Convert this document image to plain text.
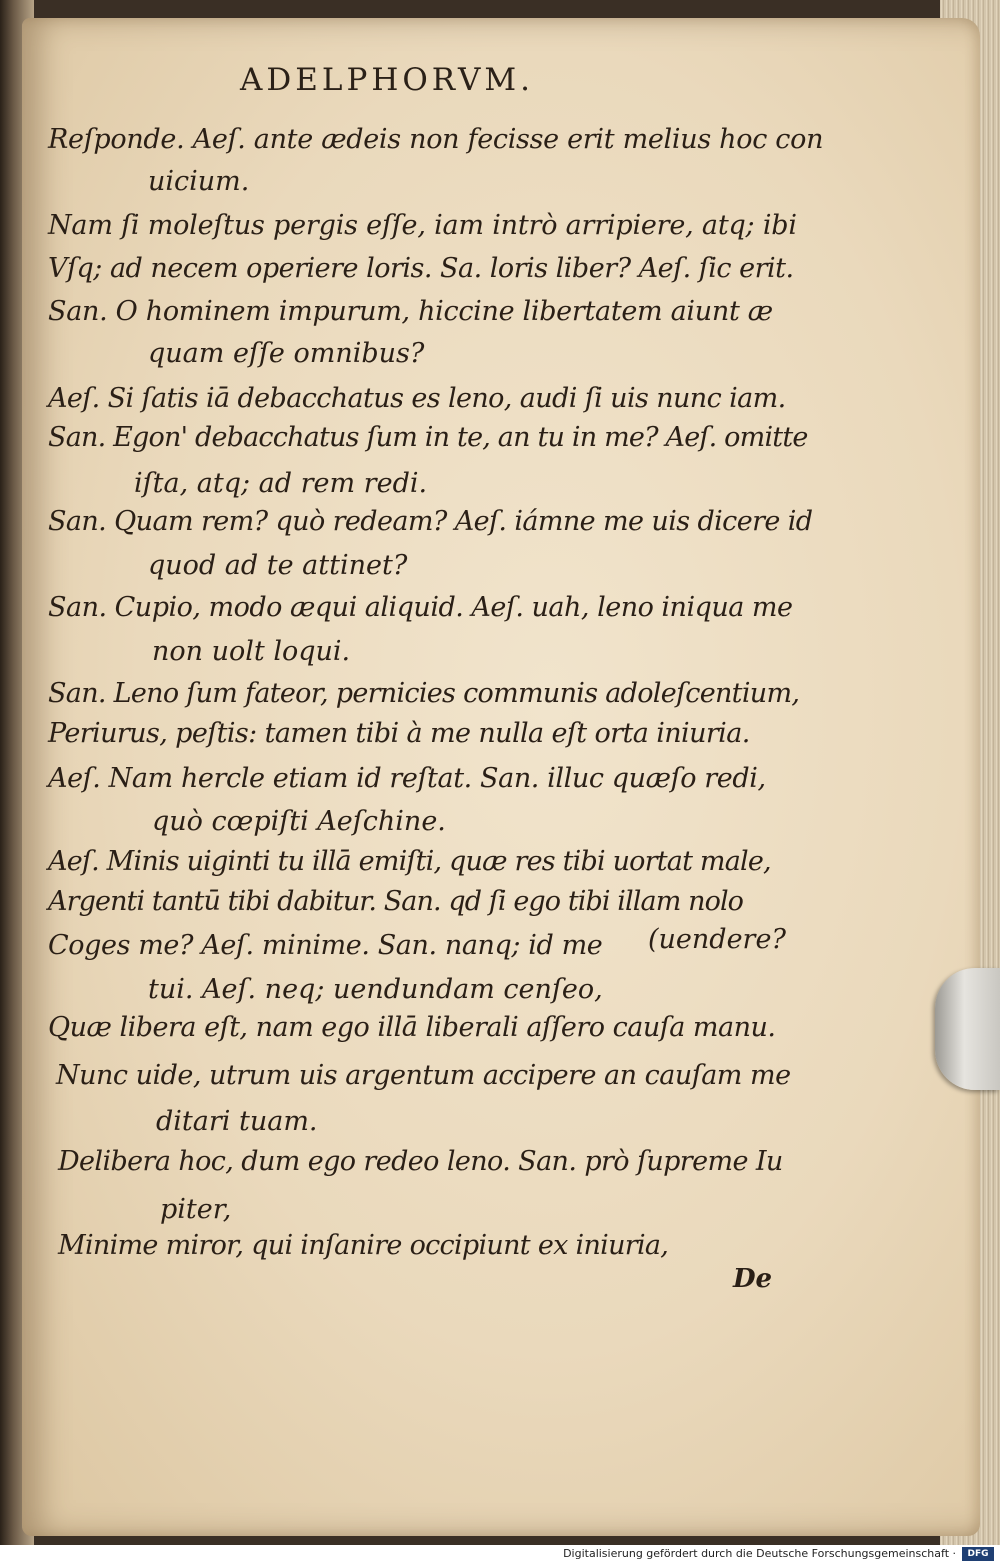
ADELPHORVM.
Reſponde. Aeſ. ante ædeis non fecisse erit melius hoc con
uicium.
Nam ſi moleſtus pergis eſſe, iam intrò arripiere, atq; ibi
Vſq; ad necem operiere loris. Sa. loris liber? Aeſ. ſic erit.
San. O hominem impurum, hiccine libertatem aiunt æ
quam eſſe omnibus?
Aeſ. Si ſatis iā debacchatus es leno, audi ſi uis nunc iam.
San. Egon' debacchatus ſum in te, an tu in me? Aeſ. omitte
iſta, atq; ad rem redi.
San. Quam rem? quò redeam? Aeſ. iámne me uis dicere id
quod ad te attinet?
San. Cupio, modo æqui aliquid. Aeſ. uah, leno iniqua me
non uolt loqui.
San. Leno ſum fateor, pernicies communis adoleſcentium,
Periurus, peſtis: tamen tibi à me nulla eſt orta iniuria.
Aeſ. Nam hercle etiam id reſtat. San. illuc quæſo redi,
quò cœpiſti Aeſchine.
Aeſ. Minis uiginti tu illā emiſti, quæ res tibi uortat male,
Argenti tantū tibi dabitur. San. qd ſi ego tibi illam nolo
Coges me? Aeſ. minime. San. nanq; id me (uendere?
tui. Aeſ. neq; uendundam cenſeo,
Quæ libera eſt, nam ego illā liberali aſſero cauſa manu.
Nunc uide, utrum uis argentum accipere an cauſam me
ditari tuam.
Delibera hoc, dum ego redeo leno. San. prò ſupreme Iu
piter,
Minime miror, qui inſanire occipiunt ex iniuria,
De
Digitalisierung gefördert durch die Deutsche Forschungsgemeinschaft ·	DFG
